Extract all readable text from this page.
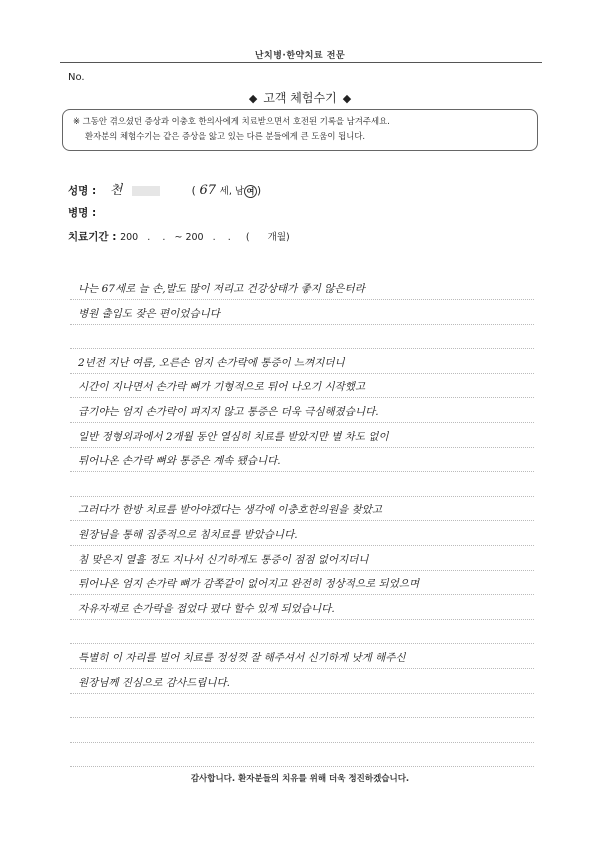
난치병·한약치료 전문
No.
◆ 고객 체험수기 ◆
※ 그동안 겪으셨던 증상과 이충호 한의사에게 치료받으면서 호전된 기록을 남겨주세요.
환자분의 체험수기는 같은 증상을 앓고 있는 다른 분들에게 큰 도움이 됩니다.
성명 : 천	( 67 세, 남 여 )
병명 :
치료기간 : 200   .    .   ~ 200   .    .     (      개월)
나는 67세로 늘 손,발도 많이 저리고 건강상태가 좋지 않은터라
병원 출입도 잦은 편이었습니다
2년전 지난 여름, 오른손 엄지 손가락에 통증이 느껴지더니
시간이 지나면서 손가락 뼈가 기형적으로 튀어 나오기 시작했고
급기야는 엄지 손가락이 펴지지 않고 통증은 더욱 극심해졌습니다.
일반 정형외과에서 2개월 동안 열심히 치료를 받았지만 별 차도 없이
튀어나온 손가락 뼈와 통증은 계속 됐습니다.
그러다가 한방 치료를 받아야겠다는 생각에 이충호한의원을 찾았고
원장님을 통해 집중적으로 침치료를 받았습니다.
침 맞은지 열흘 정도 지나서 신기하게도 통증이 점점 없어지더니
튀어나온 엄지 손가락 뼈가 감쪽같이 없어지고 완전히 정상적으로 되었으며
자유자재로 손가락을 접었다 폈다 할수 있게 되었습니다.
특별히 이 자리를 빌어 치료를 정성껏 잘 해주셔서 신기하게 낫게 해주신
원장님께 진심으로 감사드립니다.
감사합니다. 환자분들의 치유를 위해 더욱 정진하겠습니다.
